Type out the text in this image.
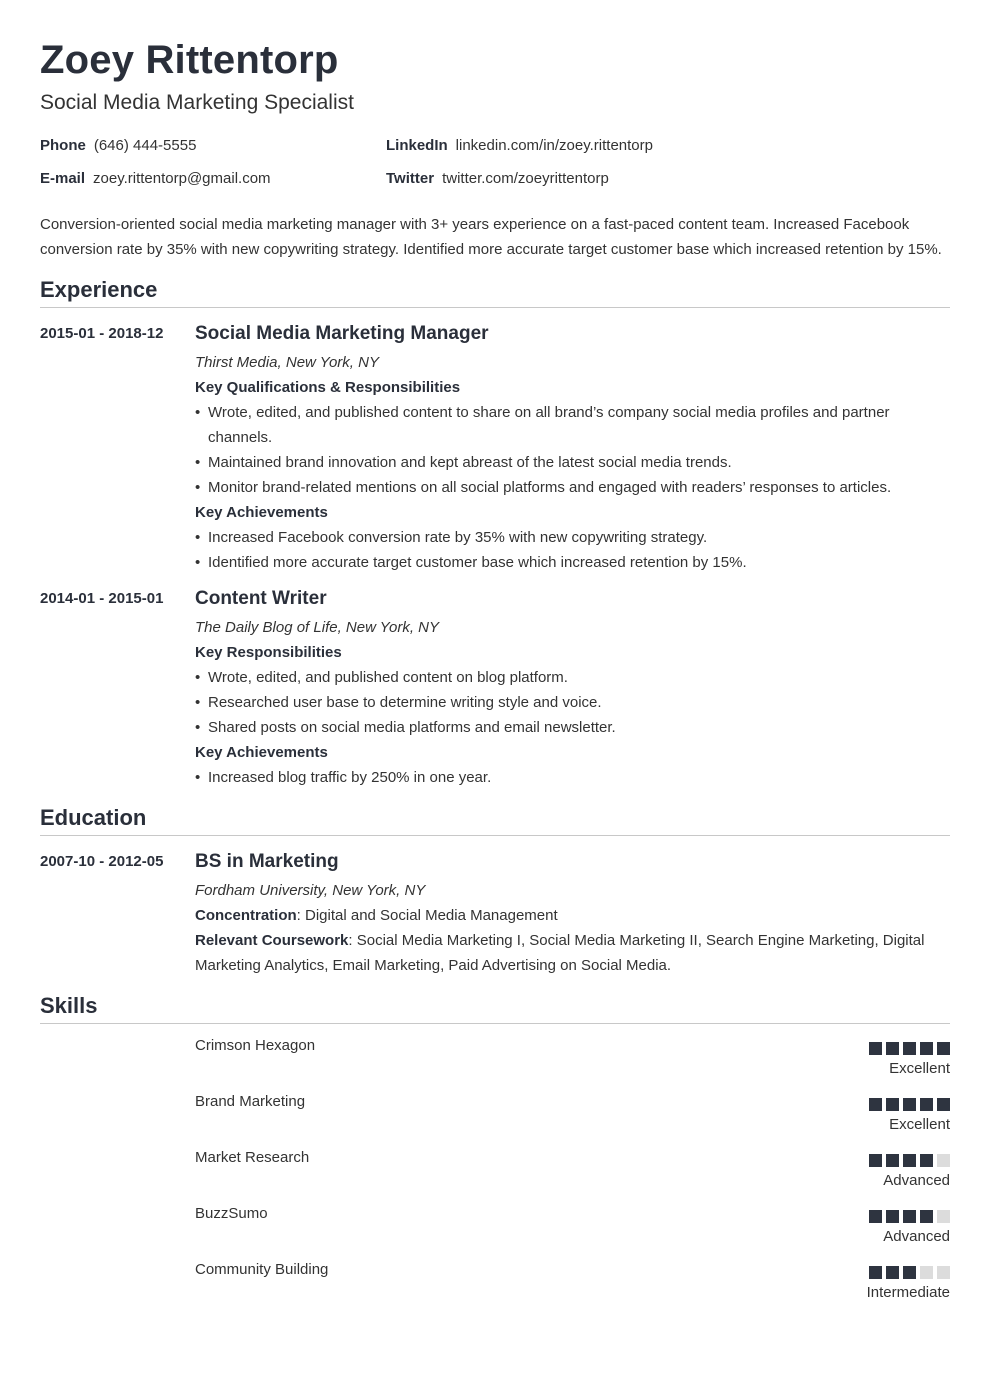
Zoey Rittentorp
Social Media Marketing Specialist
Phone (646) 444-5555	LinkedIn linkedin.com/in/zoey.rittentorp
E-mail zoey.rittentorp@gmail.com	Twitter twitter.com/zoeyrittentorp
Conversion-oriented social media marketing manager with 3+ years experience on a fast-paced content team. Increased Facebook conversion rate by 35% with new copywriting strategy. Identified more accurate target customer base which increased retention by 15%.
Experience
2015-01 - 2018-12 Social Media Marketing Manager
Thirst Media, New York, NY
Key Qualifications & Responsibilities
• Wrote, edited, and published content to share on all brand’s company social media profiles and partner channels.
• Maintained brand innovation and kept abreast of the latest social media trends.
• Monitor brand-related mentions on all social platforms and engaged with readers’ responses to articles.
Key Achievements
• Increased Facebook conversion rate by 35% with new copywriting strategy.
• Identified more accurate target customer base which increased retention by 15%.
2014-01 - 2015-01 Content Writer
The Daily Blog of Life, New York, NY
Key Responsibilities
• Wrote, edited, and published content on blog platform.
• Researched user base to determine writing style and voice.
• Shared posts on social media platforms and email newsletter.
Key Achievements
• Increased blog traffic by 250% in one year.
Education
2007-10 - 2012-05 BS in Marketing
Fordham University, New York, NY
Concentration: Digital and Social Media Management
Relevant Coursework: Social Media Marketing I, Social Media Marketing II, Search Engine Marketing, Digital Marketing Analytics, Email Marketing, Paid Advertising on Social Media.
Skills
Crimson Hexagon
Excellent
Brand Marketing
Excellent
Market Research
Advanced
BuzzSumo
Advanced
Community Building
Intermediate
